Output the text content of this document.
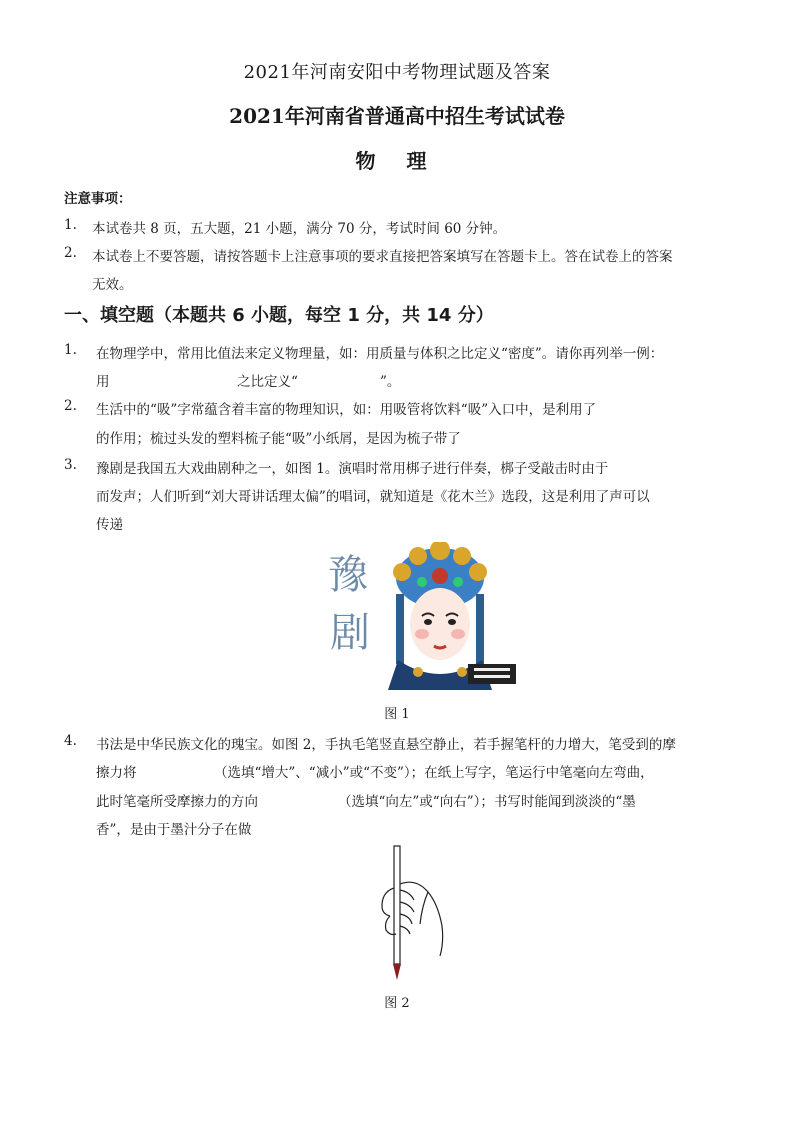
2021年河南安阳中考物理试题及答案
2021年河南省普通高中招生考试试卷
物 理
注意事项：
1. 本试卷共 8 页，五大题，21 小题，满分 70 分，考试时间 60 分钟。
2. 本试卷上不要答题，请按答题卡上注意事项的要求直接把答案填写在答题卡上。答在试卷上的答案
无效。
一、填空题（本题共 6 小题，每空 1 分，共 14 分）
1. 在物理学中，常用比值法来定义物理量，如：用质量与体积之比定义“密度”。请你再列举一例：
用	之比定义“	”。
2. 生活中的“吸”字常蕴含着丰富的物理知识，如：用吸管将饮料“吸”入口中，是利用了
的作用；梳过头发的塑料梳子能“吸”小纸屑，是因为梳子带了
3. 豫剧是我国五大戏曲剧种之一，如图 1。演唱时常用梆子进行伴奏，梆子受敲击时由于
而发声；人们听到“刘大哥讲话理太偏”的唱词，就知道是《花木兰》选段，这是利用了声可以
传递
豫
剧
图 1
4. 书法是中华民族文化的瑰宝。如图 2，手执毛笔竖直悬空静止，若手握笔杆的力增大，笔受到的摩
擦力将	（选填“增大”、“减小”或“不变”）；在纸上写字，笔运行中笔毫向左弯曲，
此时笔毫所受摩擦力的方向	（选填“向左”或“向右”）；书写时能闻到淡淡的“墨
香”，是由于墨汁分子在做
图 2
